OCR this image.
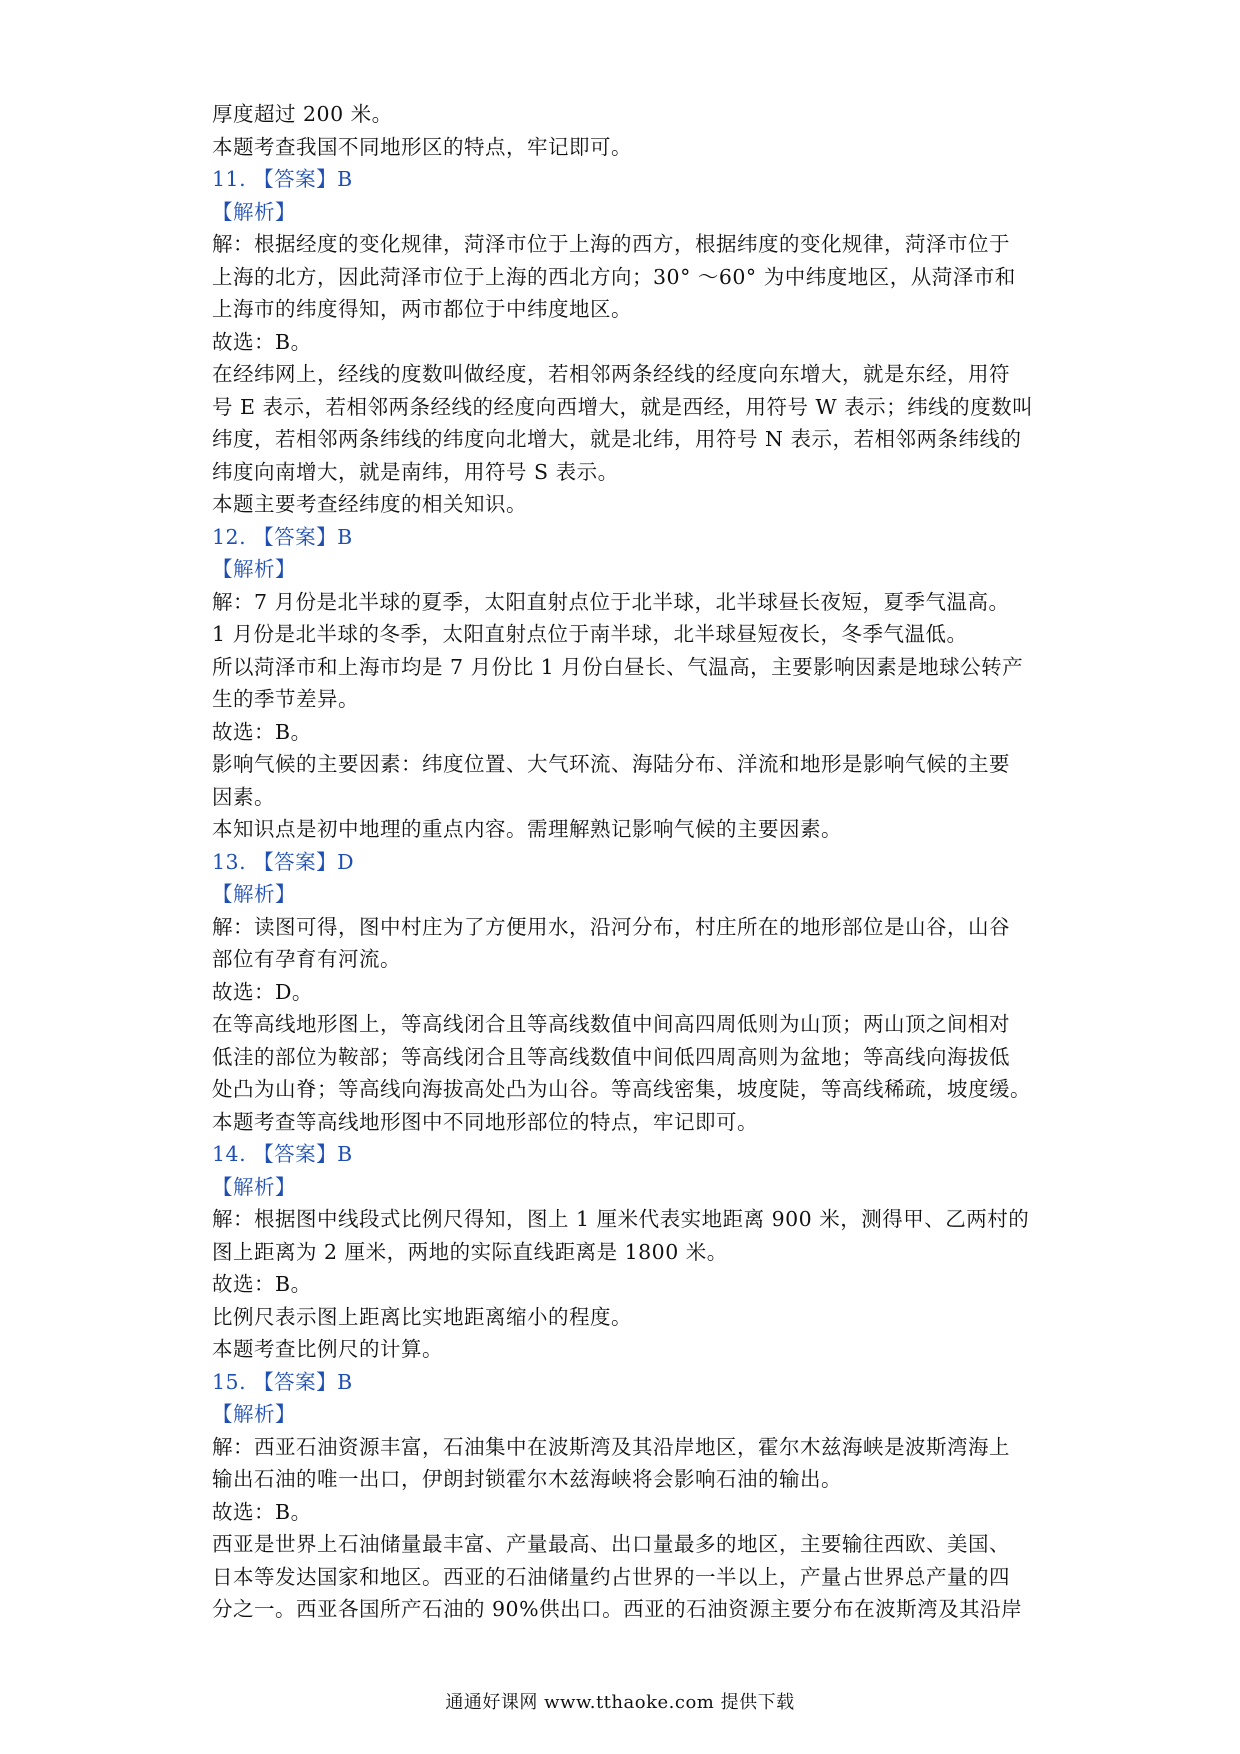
厚度超过 200 米。
本题考查我国不同地形区的特点，牢记即可。
11. 【答案】B
【解析】
解：根据经度的变化规律，菏泽市位于上海的西方，根据纬度的变化规律，菏泽市位于
上海的北方，因此菏泽市位于上海的西北方向；30° ～60° 为中纬度地区，从菏泽市和
上海市的纬度得知，两市都位于中纬度地区。
故选：B。
在经纬网上，经线的度数叫做经度，若相邻两条经线的经度向东增大，就是东经，用符
号 E 表示，若相邻两条经线的经度向西增大，就是西经，用符号 W 表示；纬线的度数叫
纬度，若相邻两条纬线的纬度向北增大，就是北纬，用符号 N 表示，若相邻两条纬线的
纬度向南增大，就是南纬，用符号 S 表示。
本题主要考查经纬度的相关知识。
12. 【答案】B
【解析】
解：7 月份是北半球的夏季，太阳直射点位于北半球，北半球昼长夜短，夏季气温高。
1 月份是北半球的冬季，太阳直射点位于南半球，北半球昼短夜长，冬季气温低。
所以菏泽市和上海市均是 7 月份比 1 月份白昼长、气温高，主要影响因素是地球公转产
生的季节差异。
故选：B。
影响气候的主要因素：纬度位置、大气环流、海陆分布、洋流和地形是影响气候的主要
因素。
本知识点是初中地理的重点内容。需理解熟记影响气候的主要因素。
13. 【答案】D
【解析】
解：读图可得，图中村庄为了方便用水，沿河分布，村庄所在的地形部位是山谷，山谷
部位有孕育有河流。
故选：D。
在等高线地形图上，等高线闭合且等高线数值中间高四周低则为山顶；两山顶之间相对
低洼的部位为鞍部；等高线闭合且等高线数值中间低四周高则为盆地；等高线向海拔低
处凸为山脊；等高线向海拔高处凸为山谷。等高线密集，坡度陡，等高线稀疏，坡度缓。
本题考查等高线地形图中不同地形部位的特点，牢记即可。
14. 【答案】B
【解析】
解：根据图中线段式比例尺得知，图上 1 厘米代表实地距离 900 米，测得甲、乙两村的
图上距离为 2 厘米，两地的实际直线距离是 1800 米。
故选：B。
比例尺表示图上距离比实地距离缩小的程度。
本题考查比例尺的计算。
15. 【答案】B
【解析】
解：西亚石油资源丰富，石油集中在波斯湾及其沿岸地区，霍尔木兹海峡是波斯湾海上
输出石油的唯一出口，伊朗封锁霍尔木兹海峡将会影响石油的输出。
故选：B。
西亚是世界上石油储量最丰富、产量最高、出口量最多的地区，主要输往西欧、美国、
日本等发达国家和地区。西亚的石油储量约占世界的一半以上，产量占世界总产量的四
分之一。西亚各国所产石油的 90%供出口。西亚的石油资源主要分布在波斯湾及其沿岸
通通好课网 www.tthaoke.com 提供下载
